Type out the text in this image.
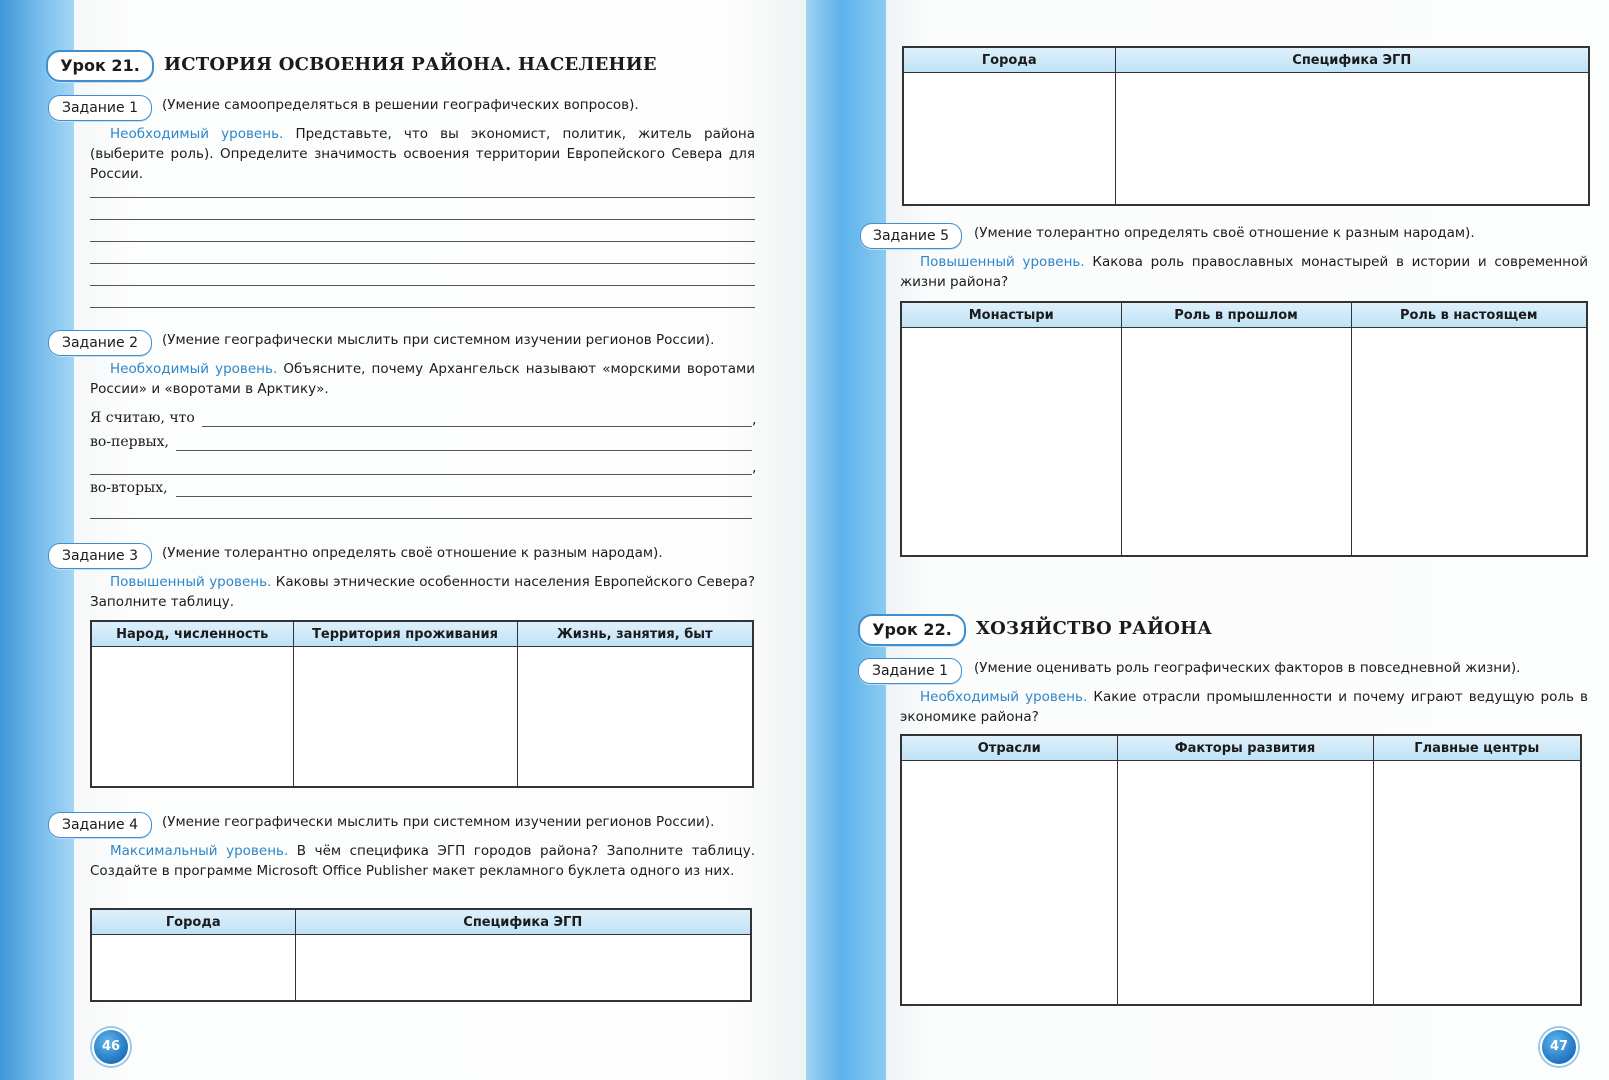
Урок 21.	ИСТОРИЯ ОСВОЕНИЯ РАЙОНА. НАСЕЛЕНИЕ
Задание 1	(Умение самоопределяться в решении географических вопросов).
Необходимый уровень. Представьте, что вы экономист, политик, житель района (выберите роль). Определите значимость освоения территории Европейского Севера для России.
Задание 2	(Умение географически мыслить при системном изучении регионов России).
Необходимый уровень. Объясните, почему Архангельск называют «морскими воротами России» и «воротами в Арктику».
Я считаю, что	,
во-первых,
,
во-вторых,
Задание 3	(Умение толерантно определять своё отношение к разным народам).
Повышенный уровень. Каковы этнические особенности населения Европейского Севера? Заполните таблицу.
Народ, численность	Территория проживания	Жизнь, занятия, быт

Задание 4	(Умение географически мыслить при системном изучении регионов России).
Максимальный уровень. В чём специфика ЭГП городов района? Заполните таблицу. Создайте в программе Microsoft Office Publisher макет рекламного буклета одного из них.
Города	Специфика ЭГП

46
Города	Специфика ЭГП

Задание 5	(Умение толерантно определять своё отношение к разным народам).
Повышенный уровень. Какова роль православных монастырей в истории и современной жизни района?
Монастыри	Роль в прошлом	Роль в настоящем

Урок 22.	ХОЗЯЙСТВО РАЙОНА
Задание 1	(Умение оценивать роль географических факторов в повседневной жизни).
Необходимый уровень. Какие отрасли промышленности и почему играют ведущую роль в экономике района?
Отрасли	Факторы развития	Главные центры

47
